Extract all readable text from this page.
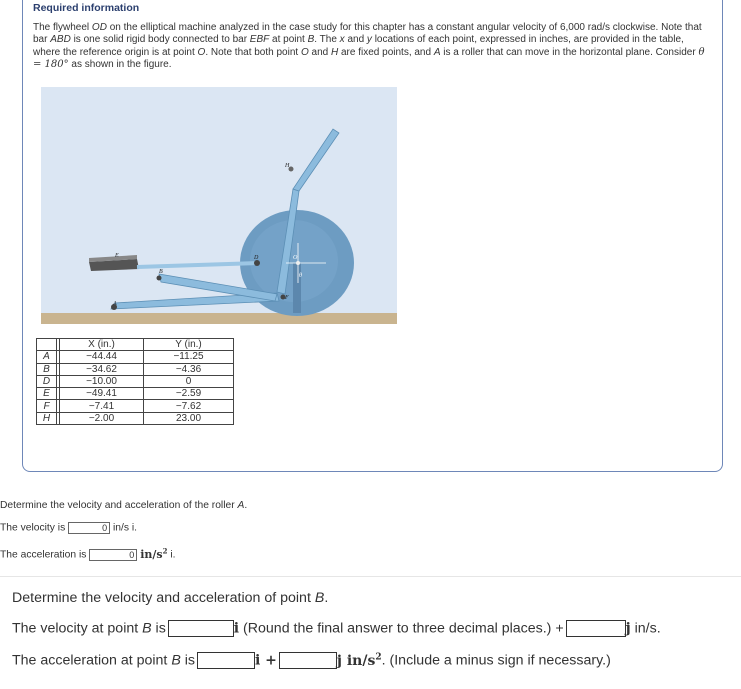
Required information
The flywheel OD on the elliptical machine analyzed in the case study for this chapter has a constant angular velocity of 6,000 rad/s clockwise. Note that bar ABD is one solid rigid body connected to bar EBF at point B. The x and y locations of each point, expressed in inches, are provided in the table, where the reference origin is at point O. Note that both point O and H are fixed points, and A is a roller that can move in the horizontal plane. Consider θ = 180° as shown in the figure.
E
B
A
D	O
F
H
θ
		X (in.)	Y (in.)
A		−44.44	−11.25
B		−34.62	−4.36
D		−10.00	0
E		−49.41	−2.59
F		−7.41	−7.62
H		−2.00	23.00
Determine the velocity and acceleration of the roller A.
The velocity is	0 in/s i.
The acceleration is	0 $in/s^2$ i.
Determine the velocity and acceleration of point B.
The velocity at point B is	i (Round the final answer to three decimal places.) +	j in/s.
The acceleration at point B is	i +	j $in/s^2$. (Include a minus sign if necessary.)
